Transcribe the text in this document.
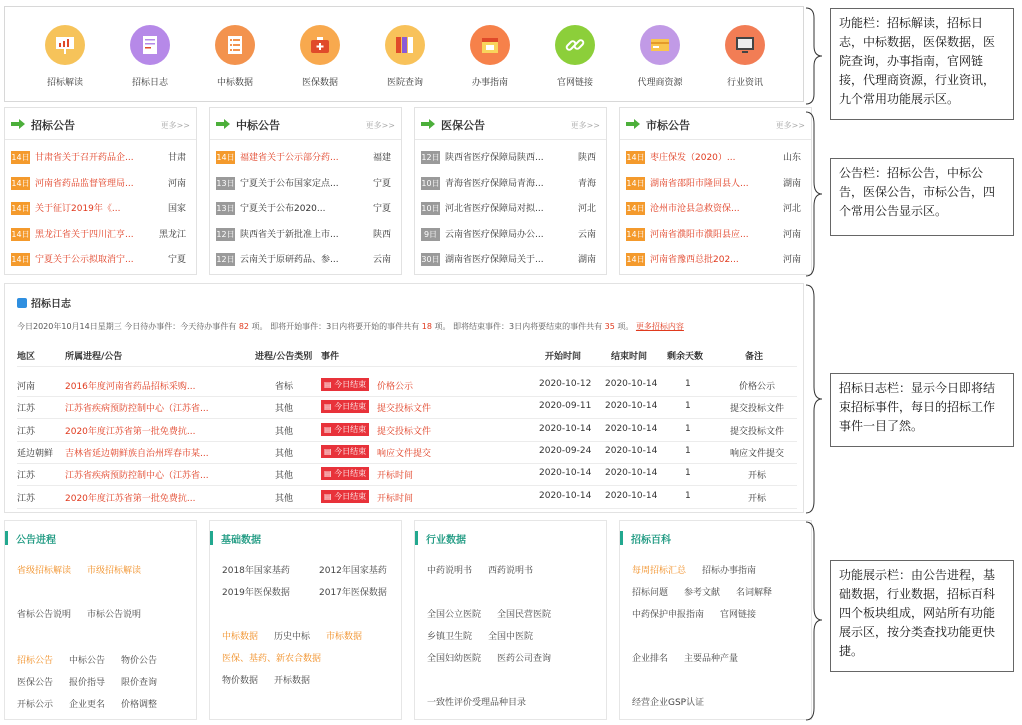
招标解读	招标日志	中标数据	医保数据	医院查询	办事指南	官网链接	代理商资源	行业资讯
招标公告	更多>>
14日 甘肃省关于召开药品企...	甘肃
14日 河南省药品监督管理局...	河南
14日 关于征订2019年《...	国家
14日 黑龙江省关于四川汇亨...	黑龙江
14日 宁夏关于公示拟取消宁...	宁夏
中标公告	更多>>
14日 福建省关于公示部分药...	福建
13日 宁夏关于公布国家定点...	宁夏
13日 宁夏关于公布2020...	宁夏
12日 陕西省关于新批准上市...	陕西
12日 云南关于原研药品、参...	云南
医保公告	更多>>
12日 陕西省医疗保障局陕西...	陕西
10日 青海省医疗保障局青海...	青海
10日 河北省医疗保障局对拟...	河北
9日 云南省医疗保障局办公...	云南
30日 湖南省医疗保障局关于...	湖南
市标公告	更多>>
14日 枣庄保发（2020）...	山东
14日 湖南省邵阳市隆回县人...	湖南
14日 沧州市沧县急救资保...	河北
14日 河南省濮阳市濮阳县应...	河南
14日 河南省豫西总批202...	河南
招标日志
今日2020年10月14日星期三 今日待办事件：今天待办事件有 82 项。 即将开始事件：3日内将要开始的事件共有 18 项。 即将结束事件：3日内将要结束的事件共有 35 项。 更多招标内容
地区	所属进程/公告	进程/公告类别 事件	开始时间	结束时间 剩余天数	备注
河南	2016年度河南省药品招标采购...	省标	▤ 今日结束	价格公示	2020-10-12 2020-10-14	1	价格公示
江苏	江苏省疾病预防控制中心（江苏省...	其他	▤ 今日结束	提交投标文件	2020-09-11 2020-10-14	1	提交投标文件
江苏	2020年度江苏省第一批免费抗...	其他	▤ 今日结束	提交投标文件	2020-10-14 2020-10-14	1	提交投标文件
延边朝鲜 吉林省延边朝鲜族自治州珲春市某...	其他	▤ 今日结束	响应文件提交	2020-09-24 2020-10-14	1	响应文件提交
江苏	江苏省疾病预防控制中心（江苏省...	其他	▤ 今日结束	开标时间	2020-10-14 2020-10-14	1	开标
江苏	2020年度江苏省第一批免费抗...	其他	▤ 今日结束	开标时间	2020-10-14 2020-10-14	1	开标
公告进程
省级招标解读 市级招标解读
省标公告说明 市标公告说明
招标公告 中标公告 物价公告
医保公告 报价指导 限价查询
开标公示 企业更名 价格调整
基础数据
2018年国家基药	2012年国家基药
2019年医保数据	2017年医保数据
中标数据 历史中标 市标数据
医保、基药、新农合数据
物价数据 开标数据
行业数据
中药说明书 西药说明书
全国公立医院 全国民营医院
乡镇卫生院 全国中医院
全国妇幼医院 医药公司查询
一致性评价受理品种目录
招标百科
每周招标汇总 招标办事指南
招标问题 参考文献 名词解释
中药保护申报指南 官网链接
企业排名 主要品种产量
经营企业GSP认证
功能栏：招标解读，招标日志，中标数据，医保数据，医院查询，办事指南，官网链接，代理商资源，行业资讯，九个常用功能展示区。
公告栏：招标公告，中标公告，医保公告，市标公告，四个常用公告显示区。
招标日志栏：显示今日即将结束招标事件，每日的招标工作事件一目了然。
功能展示栏：由公告进程，基础数据，行业数据，招标百科四个板块组成，网站所有功能展示区，按分类查找功能更快捷。
